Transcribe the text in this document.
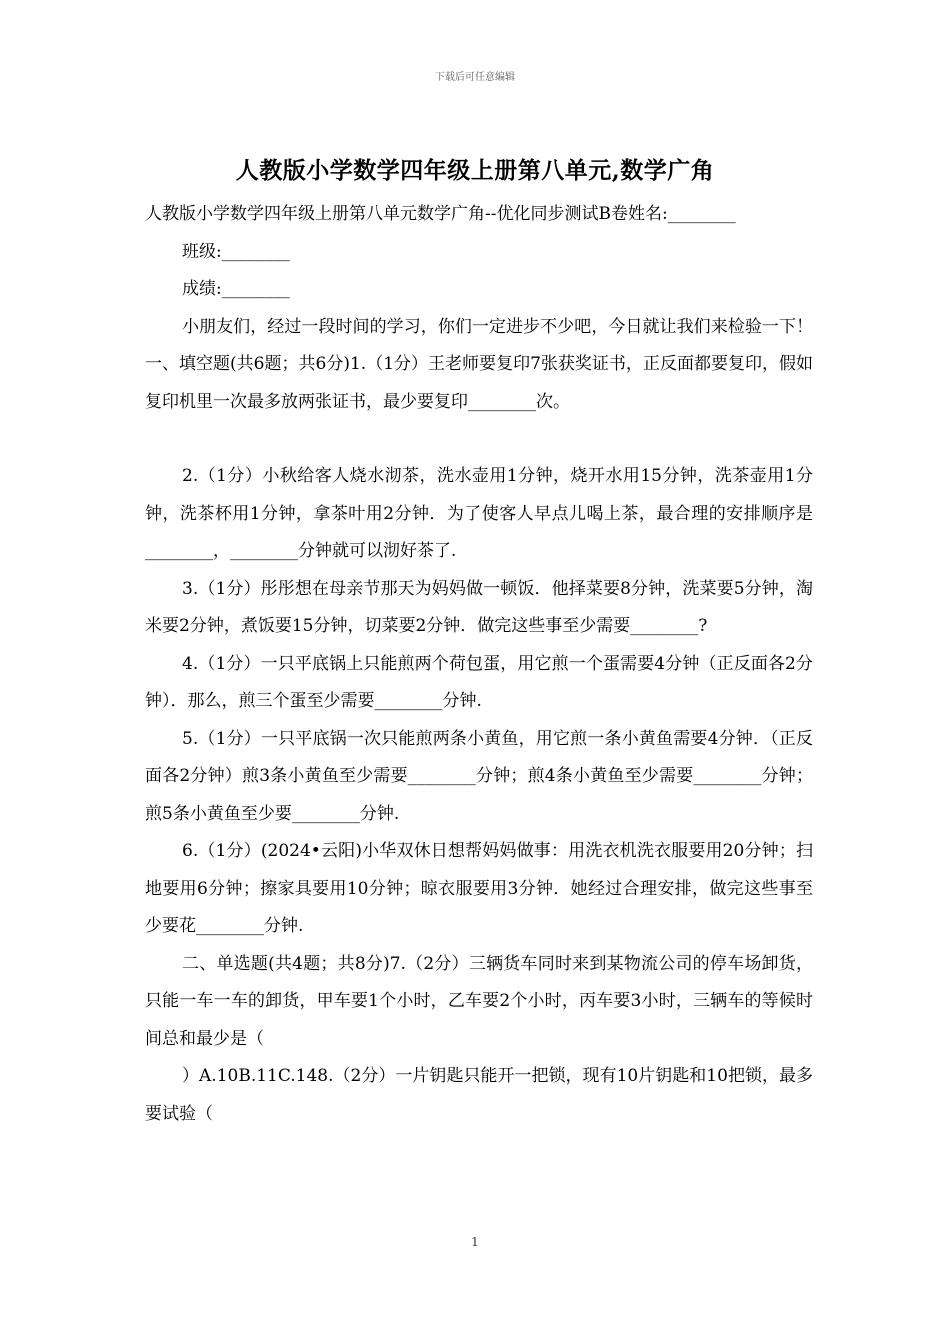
下载后可任意编辑
人教版小学数学四年级上册第八单元,数学广角

人教版小学数学四年级上册第八单元数学广角--优化同步测试B卷姓名:________

班级:________

成绩:________

小朋友们，经过一段时间的学习，你们一定进步不少吧，今日就让我们来检验一下！一、填空题(共6题；共6分)1.（1分）王老师要复印7张获奖证书，正反面都要复印，假如复印机里一次最多放两张证书，最少要复印________次。

2.（1分）小秋给客人烧水沏茶，洗水壶用1分钟，烧开水用15分钟，洗茶壶用1分钟，洗茶杯用1分钟，拿茶叶用2分钟．为了使客人早点儿喝上茶，最合理的安排顺序是________，________分钟就可以沏好茶了.

3.（1分）彤彤想在母亲节那天为妈妈做一顿饭．他择菜要8分钟，洗菜要5分钟，淘米要2分钟，煮饭要15分钟，切菜要2分钟．做完这些事至少需要________?

4.（1分）一只平底锅上只能煎两个荷包蛋，用它煎一个蛋需要4分钟（正反面各2分钟）．那么，煎三个蛋至少需要________分钟.

5.（1分）一只平底锅一次只能煎两条小黄鱼，用它煎一条小黄鱼需要4分钟．（正反面各2分钟）煎3条小黄鱼至少需要________分钟；煎4条小黄鱼至少需要________分钟；煎5条小黄鱼至少要________分钟.

6.（1分）(2024•云阳)小华双休日想帮妈妈做事：用洗衣机洗衣服要用20分钟；扫地要用6分钟；擦家具要用10分钟；晾衣服要用3分钟．她经过合理安排，做完这些事至少要花________分钟.

二、单选题(共4题；共8分)7.（2分）三辆货车同时来到某物流公司的停车场卸货，只能一车一车的卸货，甲车要1个小时，乙车要2个小时，丙车要3小时，三辆车的等候时间总和最少是（

）A.10B.11C.148.（2分）一片钥匙只能开一把锁，现有10片钥匙和10把锁，最多要试验（

1
